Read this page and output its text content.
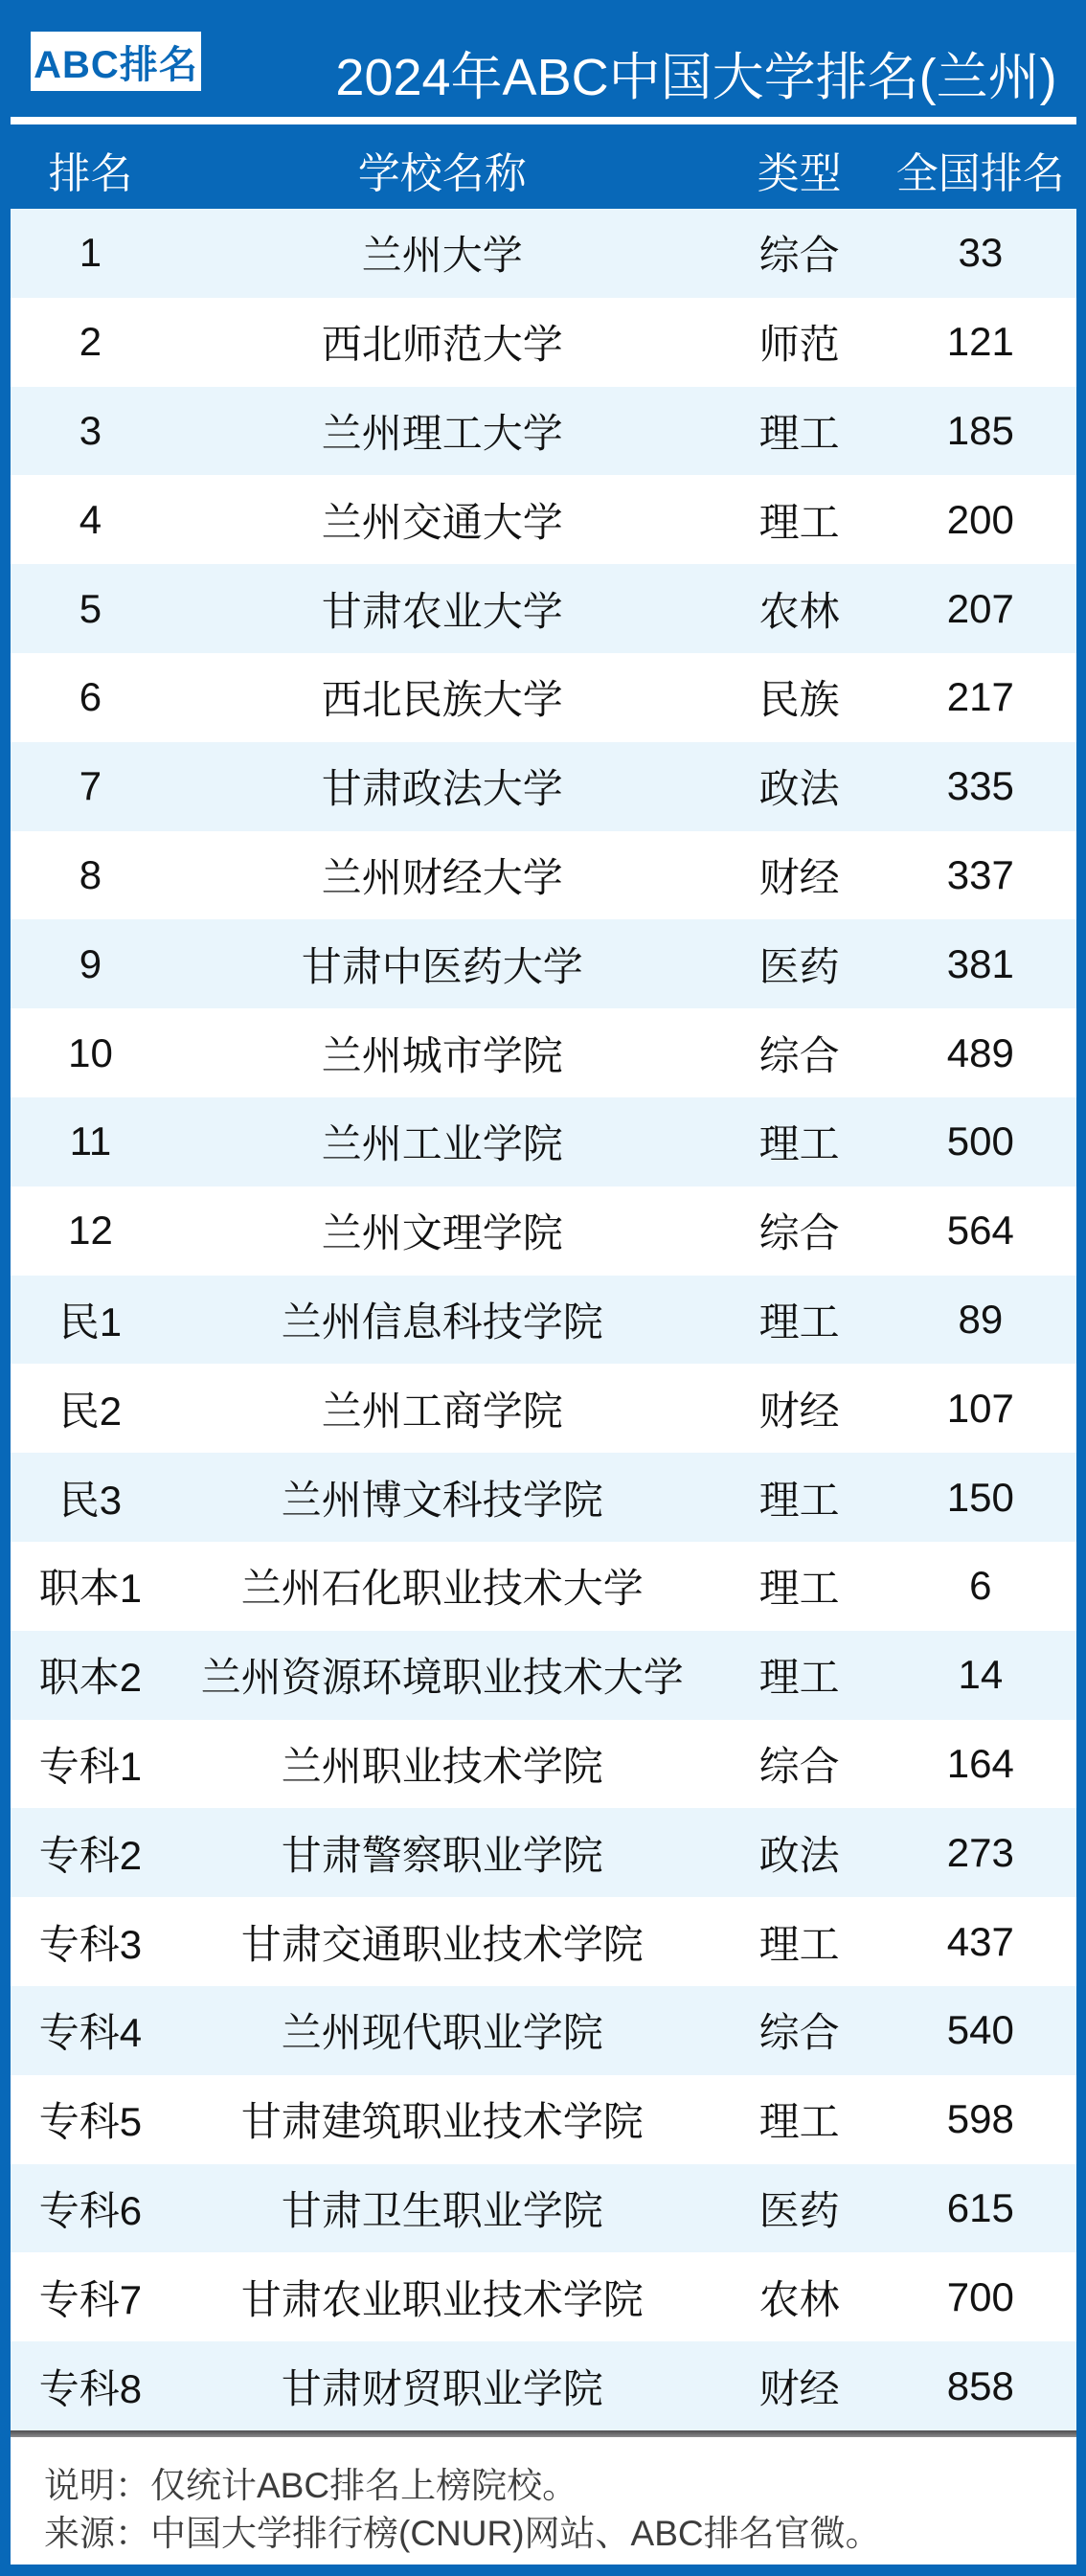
ABC排名	2024年ABC中国大学排名(兰州)
排名	学校名称	类型	全国排名
1	兰州大学	综合	33
2	西北师范大学	师范	121
3	兰州理工大学	理工	185
4	兰州交通大学	理工	200
5	甘肃农业大学	农林	207
6	西北民族大学	民族	217
7	甘肃政法大学	政法	335
8	兰州财经大学	财经	337
9	甘肃中医药大学	医药	381
10	兰州城市学院	综合	489
11	兰州工业学院	理工	500
12	兰州文理学院	综合	564
民1	兰州信息科技学院	理工	89
民2	兰州工商学院	财经	107
民3	兰州博文科技学院	理工	150
职本1	兰州石化职业技术大学	理工	6
职本2	兰州资源环境职业技术大学	理工	14
专科1	兰州职业技术学院	综合	164
专科2	甘肃警察职业学院	政法	273
专科3	甘肃交通职业技术学院	理工	437
专科4	兰州现代职业学院	综合	540
专科5	甘肃建筑职业技术学院	理工	598
专科6	甘肃卫生职业学院	医药	615
专科7	甘肃农业职业技术学院	农林	700
专科8	甘肃财贸职业学院	财经	858
说明：仅统计ABC排名上榜院校。
来源：中国大学排行榜(CNUR)网站、ABC排名官微。
